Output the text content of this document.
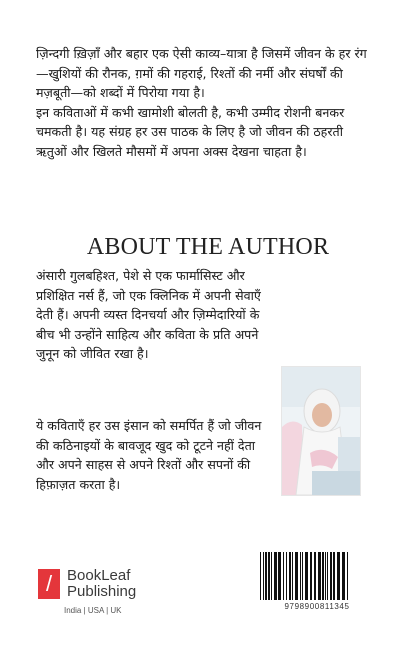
ज़िन्दगी ख़िज़ाँ और बहार एक ऐसी काव्य–यात्रा है जिसमें जीवन के हर रंग—खुशियों की रौनक, ग़मों की गहराई, रिश्तों की नर्मी और संघर्षों की मज़बूती—को शब्दों में पिरोया गया है।

इन कविताओं में कभी खामोशी बोलती है, कभी उम्मीद रोशनी बनकर चमकती है। यह संग्रह हर उस पाठक के लिए है जो जीवन की ठहरती ऋतुओं और खिलते मौसमों में अपना अक्स देखना चाहता है।

ABOUT THE AUTHOR

अंसारी गुलबहिश्त, पेशे से एक फार्मासिस्ट और प्रशिक्षित नर्स हैं, जो एक क्लिनिक में अपनी सेवाएँ देती हैं। अपनी व्यस्त दिनचर्या और ज़िम्मेदारियों के बीच भी उन्होंने साहित्य और कविता के प्रति अपने जुनून को जीवित रखा है।

ये कविताएँ हर उस इंसान को समर्पित हैं जो जीवन की कठिनाइयों के बावजूद खुद को टूटने नहीं देता और अपने साहस से अपने रिश्तों और सपनों की हिफ़ाज़त करता है।

/ BookLeaf
Publishing
India | USA | UK	9798900811345
